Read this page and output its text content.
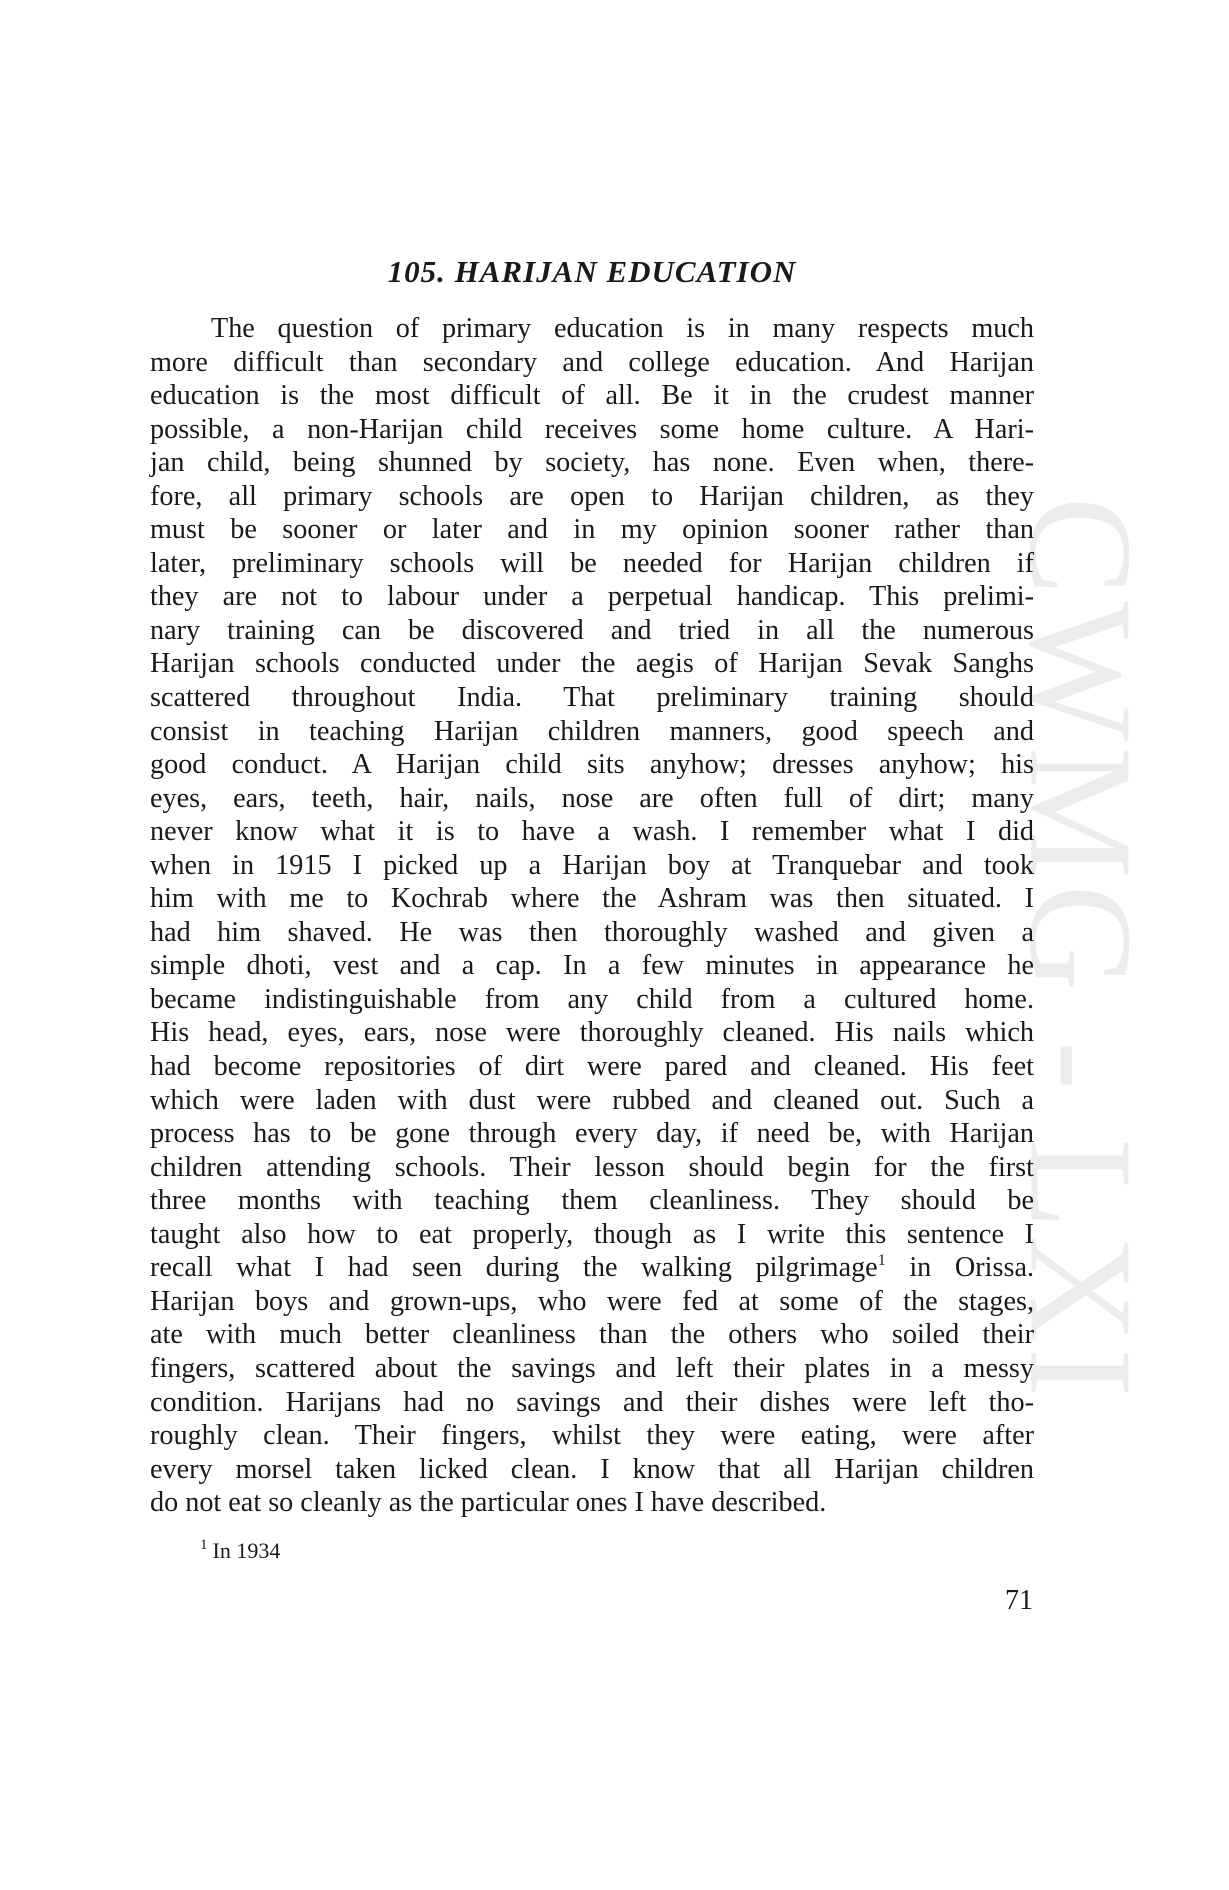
CWMG - LXI
105. HARIJAN EDUCATION
The question of primary education is in many respects much
more difficult than secondary and college education. And Harijan
education is the most difficult of all. Be it in the crudest manner
possible, a non-Harijan child receives some home culture. A Hari-
jan child, being shunned by society, has none. Even when, there-
fore, all primary schools are open to Harijan children, as they
must be sooner or later and in my opinion sooner rather than
later, preliminary schools will be needed for Harijan children if
they are not to labour under a perpetual handicap. This prelimi-
nary training can be discovered and tried in all the numerous
Harijan schools conducted under the aegis of Harijan Sevak Sanghs
scattered throughout India. That preliminary training should
consist in teaching Harijan children manners, good speech and
good conduct. A Harijan child sits anyhow; dresses anyhow; his
eyes, ears, teeth, hair, nails, nose are often full of dirt; many
never know what it is to have a wash. I remember what I did
when in 1915 I picked up a Harijan boy at Tranquebar and took
him with me to Kochrab where the Ashram was then situated. I
had him shaved. He was then thoroughly washed and given a
simple dhoti, vest and a cap. In a few minutes in appearance he
became indistinguishable from any child from a cultured home.
His head, eyes, ears, nose were thoroughly cleaned. His nails which
had become repositories of dirt were pared and cleaned. His feet
which were laden with dust were rubbed and cleaned out. Such a
process has to be gone through every day, if need be, with Harijan
children attending schools. Their lesson should begin for the first
three months with teaching them cleanliness. They should be
taught also how to eat properly, though as I write this sentence I
recall what I had seen during the walking pilgrimage$^1$ in Orissa.
Harijan boys and grown-ups, who were fed at some of the stages,
ate with much better cleanliness than the others who soiled their
fingers, scattered about the savings and left their plates in a messy
condition. Harijans had no savings and their dishes were left tho-
roughly clean. Their fingers, whilst they were eating, were after
every morsel taken licked clean. I know that all Harijan children
do not eat so cleanly as the particular ones I have described.
$^1$ In 1934
71
